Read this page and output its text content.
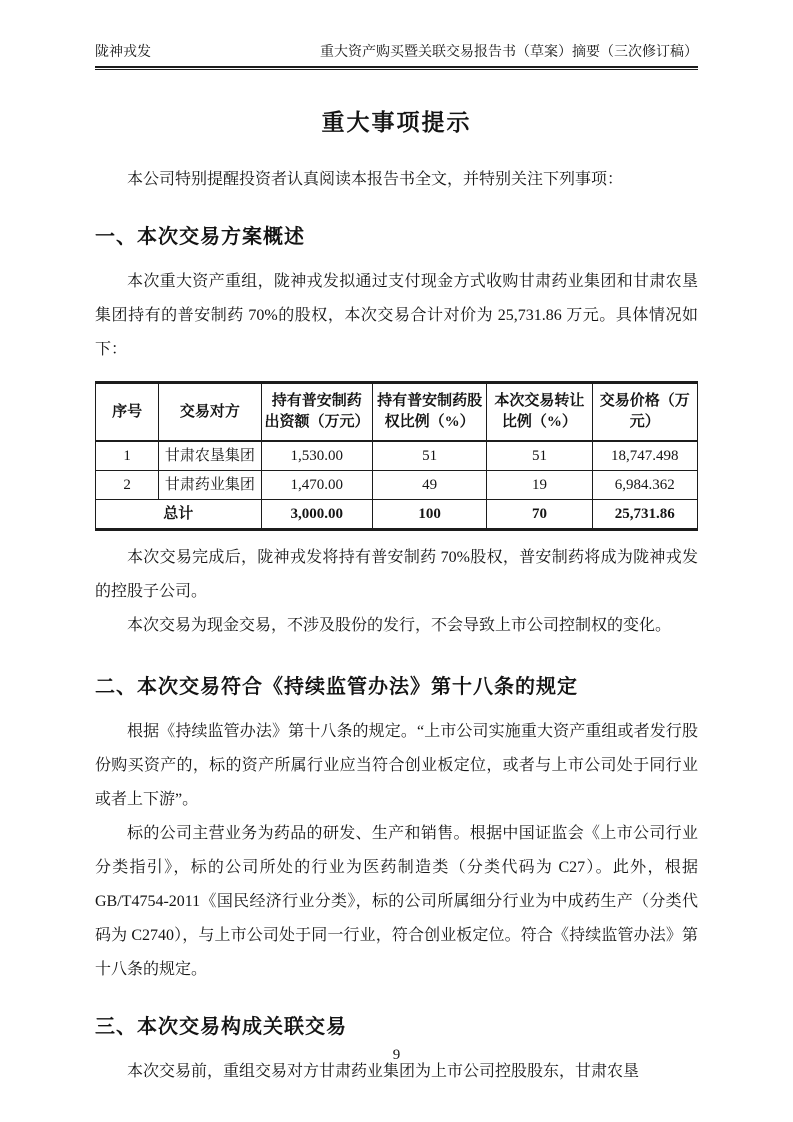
陇神戎发	重大资产购买暨关联交易报告书（草案）摘要（三次修订稿）
重大事项提示

本公司特别提醒投资者认真阅读本报告书全文，并特别关注下列事项：

一、本次交易方案概述

本次重大资产重组，陇神戎发拟通过支付现金方式收购甘肃药业集团和甘肃农垦集团持有的普安制药 70%的股权，本次交易合计对价为 25,731.86 万元。具体情况如下：

序号	交易对方	持有普安制药出资额（万元）	持有普安制药股权比例（%）	本次交易转让比例（%）	交易价格（万元）
1	甘肃农垦集团	1,530.00	51	51	18,747.498
2	甘肃药业集团	1,470.00	49	19	6,984.362
总计		3,000.00	100	70	25,731.86

本次交易完成后，陇神戎发将持有普安制药 70%股权，普安制药将成为陇神戎发的控股子公司。

本次交易为现金交易，不涉及股份的发行，不会导致上市公司控制权的变化。

二、本次交易符合《持续监管办法》第十八条的规定

根据《持续监管办法》第十八条的规定。“上市公司实施重大资产重组或者发行股份购买资产的，标的资产所属行业应当符合创业板定位，或者与上市公司处于同行业或者上下游”。

标的公司主营业务为药品的研发、生产和销售。根据中国证监会《上市公司行业分类指引》，标的公司所处的行业为医药制造类（分类代码为 C27）。此外，根据 GB/T4754-2011《国民经济行业分类》，标的公司所属细分行业为中成药生产（分类代码为 C2740），与上市公司处于同一行业，符合创业板定位。符合《持续监管办法》第十八条的规定。

三、本次交易构成关联交易

本次交易前，重组交易对方甘肃药业集团为上市公司控股股东，甘肃农垦

9
